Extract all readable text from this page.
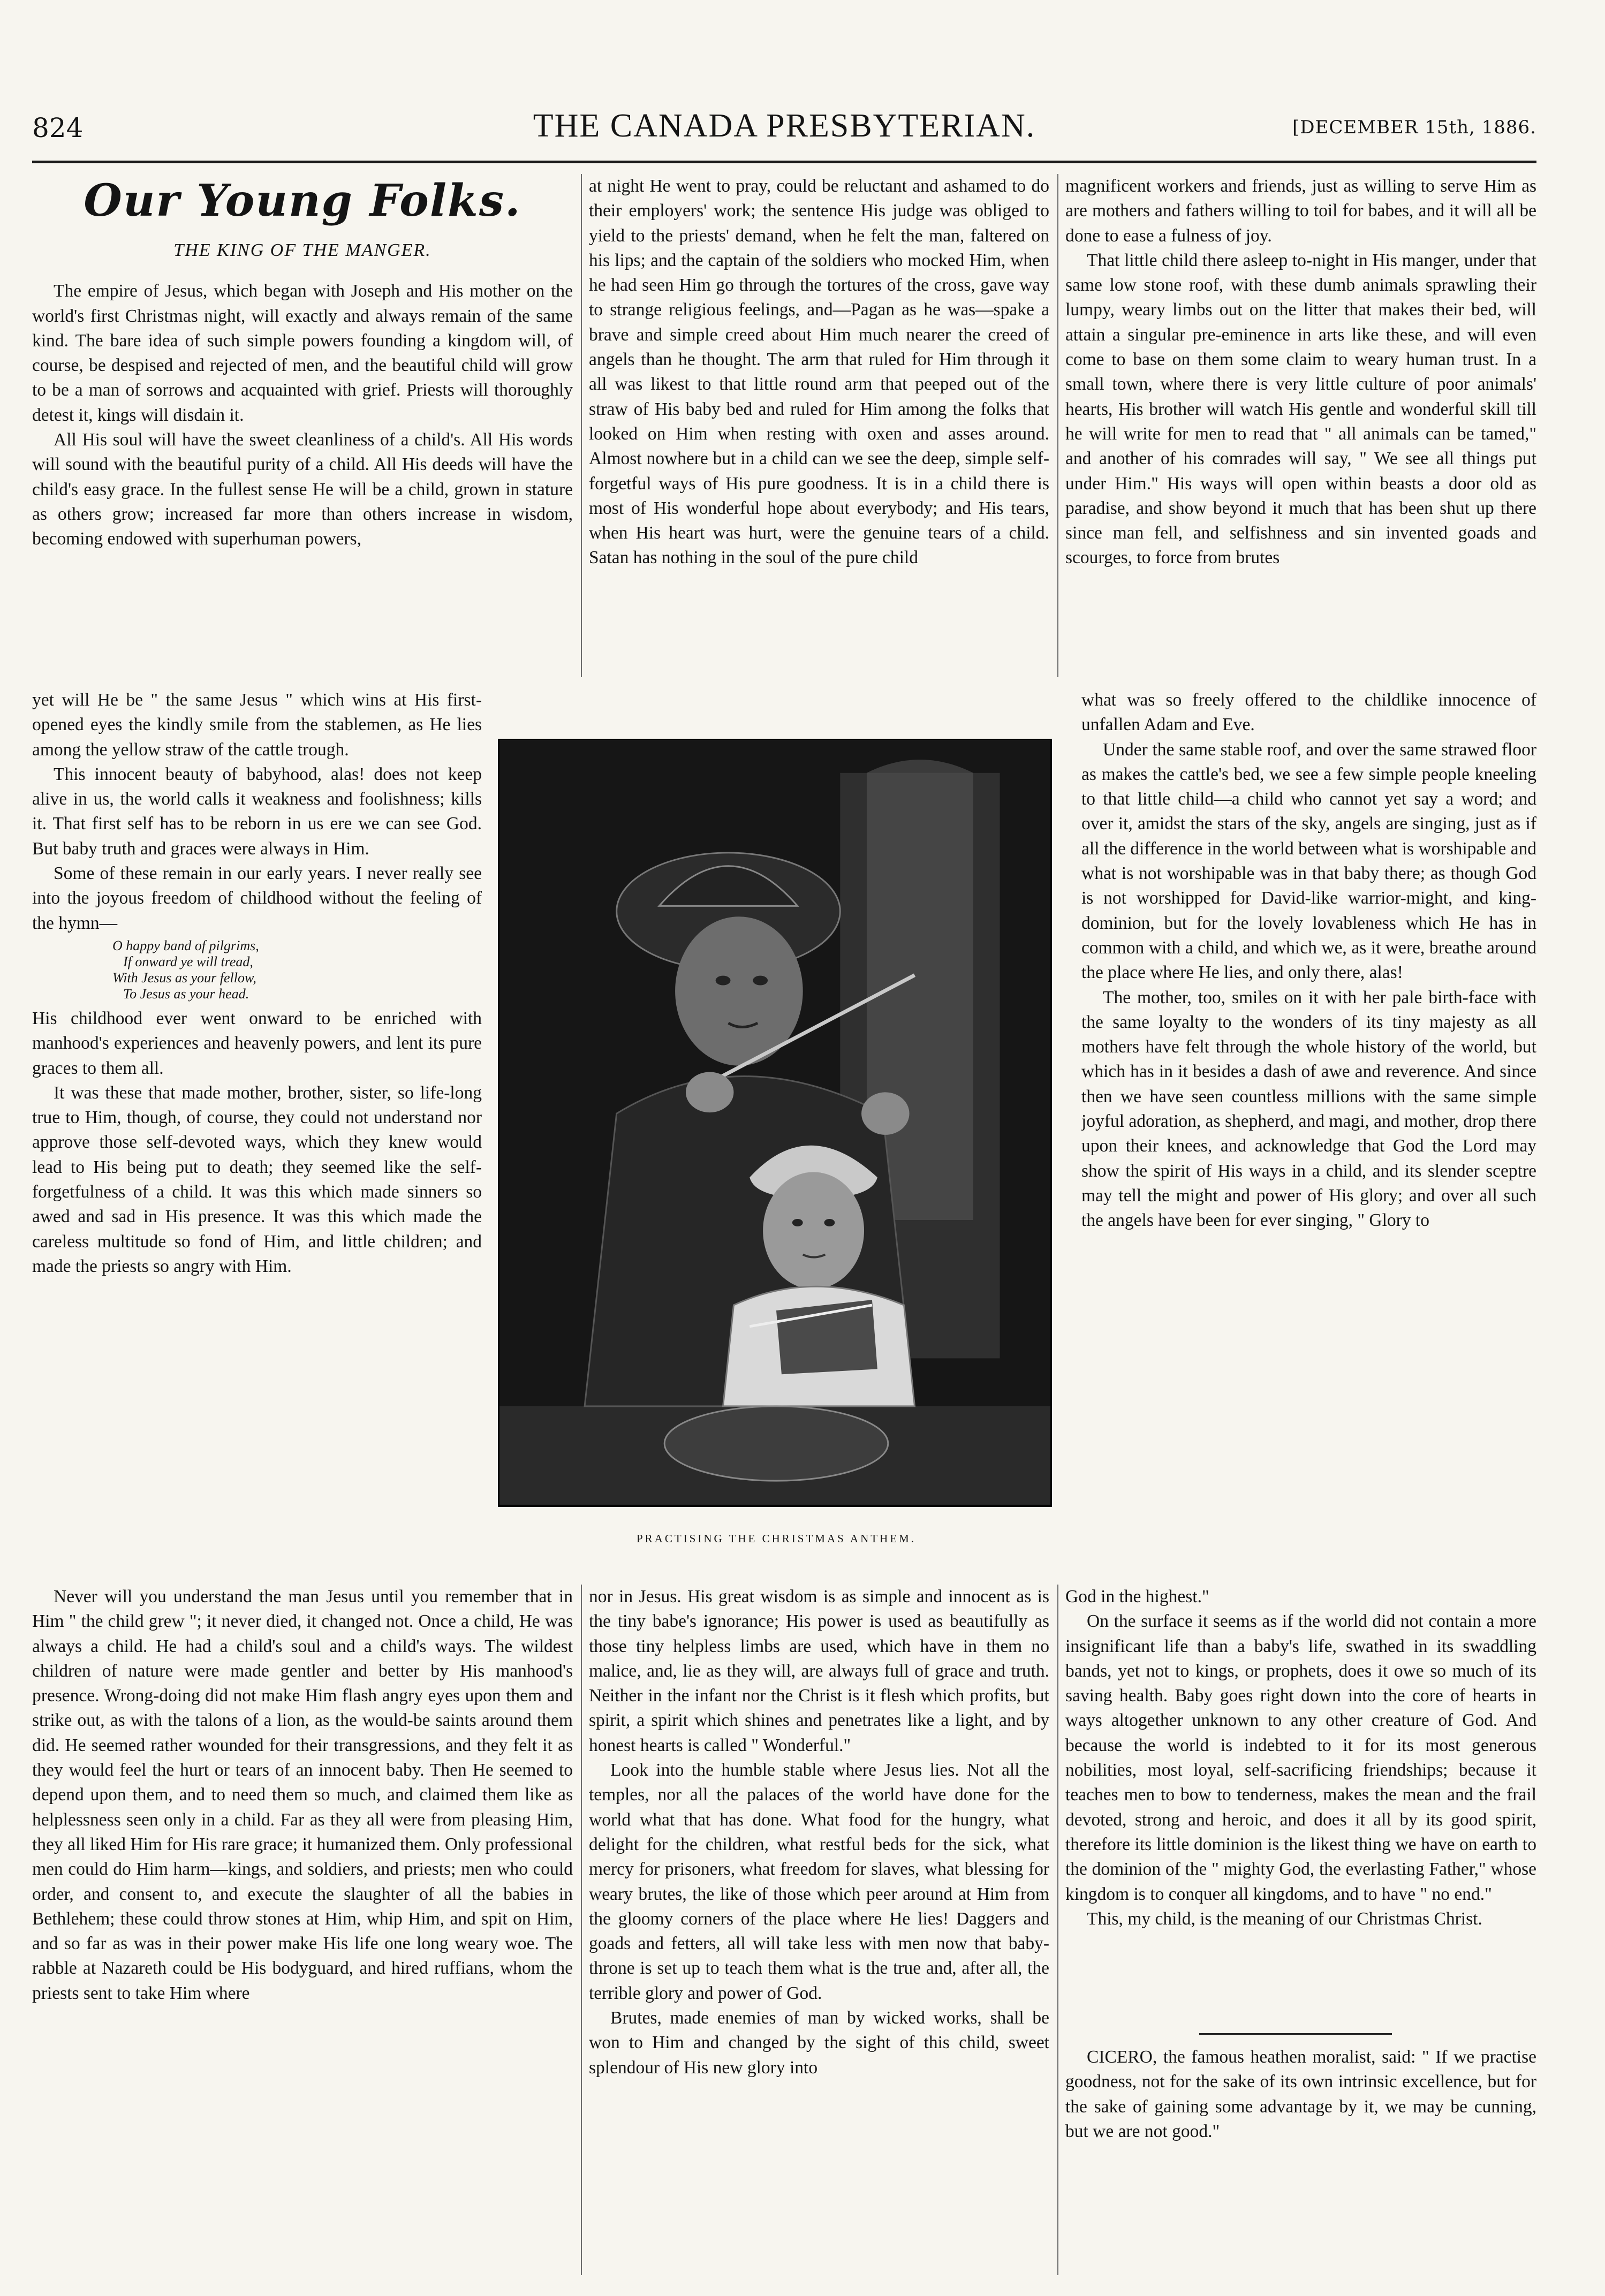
824	THE CANADA PRESBYTERIAN.	[DECEMBER 15th, 1886.
Our Young Folks.
THE KING OF THE MANGER.

The empire of Jesus, which began with Joseph and His mother on the world's first Christmas night, will exactly and always remain of the same kind. The bare idea of such simple powers founding a kingdom will, of course, be despised and rejected of men, and the beautiful child will grow to be a man of sorrows and acquainted with grief. Priests will thoroughly detest it, kings will disdain it.

All His soul will have the sweet cleanliness of a child's. All His words will sound with the beautiful purity of a child. All His deeds will have the child's easy grace. In the fullest sense He will be a child, grown in stature as others grow; increased far more than others increase in wisdom, becoming endowed with superhuman powers,

yet will He be " the same Jesus " which wins at His first-opened eyes the kindly smile from the stablemen, as He lies among the yellow straw of the cattle trough.

This innocent beauty of babyhood, alas! does not keep alive in us, the world calls it weakness and foolishness; kills it. That first self has to be reborn in us ere we can see God. But baby truth and graces were always in Him.

Some of these remain in our early years. I never really see into the joyous freedom of childhood without the feeling of the hymn—

O happy band of pilgrims,
If onward ye will tread,
With Jesus as your fellow,
To Jesus as your head.

His childhood ever went onward to be enriched with manhood's experiences and heavenly powers, and lent its pure graces to them all.

It was these that made mother, brother, sister, so life-long true to Him, though, of course, they could not understand nor approve those self-devoted ways, which they knew would lead to His being put to death; they seemed like the self-forgetfulness of a child. It was this which made sinners so awed and sad in His presence. It was this which made the careless multitude so fond of Him, and little children; and made the priests so angry with Him.

Never will you understand the man Jesus until you remember that in Him " the child grew "; it never died, it changed not. Once a child, He was always a child. He had a child's soul and a child's ways. The wildest children of nature were made gentler and better by His manhood's presence. Wrong-doing did not make Him flash angry eyes upon them and strike out, as with the talons of a lion, as the would-be saints around them did. He seemed rather wounded for their transgressions, and they felt it as they would feel the hurt or tears of an innocent baby. Then He seemed to depend upon them, and to need them so much, and claimed them like as helplessness seen only in a child. Far as they all were from pleasing Him, they all liked Him for His rare grace; it humanized them. Only professional men could do Him harm—kings, and soldiers, and priests; men who could order, and consent to, and execute the slaughter of all the babies in Bethlehem; these could throw stones at Him, whip Him, and spit on Him, and so far as was in their power make His life one long weary woe. The rabble at Nazareth could be His bodyguard, and hired ruffians, whom the priests sent to take Him where

at night He went to pray, could be reluctant and ashamed to do their employers' work; the sentence His judge was obliged to yield to the priests' demand, when he felt the man, faltered on his lips; and the captain of the soldiers who mocked Him, when he had seen Him go through the tortures of the cross, gave way to strange religious feelings, and—Pagan as he was—spake a brave and simple creed about Him much nearer the creed of angels than he thought. The arm that ruled for Him through it all was likest to that little round arm that peeped out of the straw of His baby bed and ruled for Him among the folks that looked on Him when resting with oxen and asses around. Almost nowhere but in a child can we see the deep, simple self-forgetful ways of His pure goodness. It is in a child there is most of His wonderful hope about everybody; and His tears, when His heart was hurt, were the genuine tears of a child. Satan has nothing in the soul of the pure child

nor in Jesus. His great wisdom is as simple and innocent as is the tiny babe's ignorance; His power is used as beautifully as those tiny helpless limbs are used, which have in them no malice, and, lie as they will, are always full of grace and truth. Neither in the infant nor the Christ is it flesh which profits, but spirit, a spirit which shines and penetrates like a light, and by honest hearts is called " Wonderful."

Look into the humble stable where Jesus lies. Not all the temples, nor all the palaces of the world have done for the world what that has done. What food for the hungry, what delight for the children, what restful beds for the sick, what mercy for prisoners, what freedom for slaves, what blessing for weary brutes, the like of those which peer around at Him from the gloomy corners of the place where He lies! Daggers and goads and fetters, all will take less with men now that baby-throne is set up to teach them what is the true and, after all, the terrible glory and power of God.

Brutes, made enemies of man by wicked works, shall be won to Him and changed by the sight of this child, sweet splendour of His new glory into

magnificent workers and friends, just as willing to serve Him as are mothers and fathers willing to toil for babes, and it will all be done to ease a fulness of joy.

That little child there asleep to-night in His manger, under that same low stone roof, with these dumb animals sprawling their lumpy, weary limbs out on the litter that makes their bed, will attain a singular pre-eminence in arts like these, and will even come to base on them some claim to weary human trust. In a small town, where there is very little culture of poor animals' hearts, His brother will watch His gentle and wonderful skill till he will write for men to read that " all animals can be tamed," and another of his comrades will say, " We see all things put under Him." His ways will open within beasts a door old as paradise, and show beyond it much that has been shut up there since man fell, and selfishness and sin invented goads and scourges, to force from brutes

what was so freely offered to the childlike innocence of unfallen Adam and Eve.

Under the same stable roof, and over the same strawed floor as makes the cattle's bed, we see a few simple people kneeling to that little child—a child who cannot yet say a word; and over it, amidst the stars of the sky, angels are singing, just as if all the difference in the world between what is worshipable and what is not worshipable was in that baby there; as though God is not worshipped for David-like warrior-might, and king-dominion, but for the lovely lovableness which He has in common with a child, and which we, as it were, breathe around the place where He lies, and only there, alas!

The mother, too, smiles on it with her pale birth-face with the same loyalty to the wonders of its tiny majesty as all mothers have felt through the whole history of the world, but which has in it besides a dash of awe and reverence. And since then we have seen countless millions with the same simple joyful adoration, as shepherd, and magi, and mother, drop there upon their knees, and acknowledge that God the Lord may show the spirit of His ways in a child, and its slender sceptre may tell the might and power of His glory; and over all such the angels have been for ever singing, " Glory to

God in the highest."

On the surface it seems as if the world did not contain a more insignificant life than a baby's life, swathed in its swaddling bands, yet not to kings, or prophets, does it owe so much of its saving health. Baby goes right down into the core of hearts in ways altogether unknown to any other creature of God. And because the world is indebted to it for its most generous nobilities, most loyal, self-sacrificing friendships; because it teaches men to bow to tenderness, makes the mean and the frail devoted, strong and heroic, and does it all by its good spirit, therefore its little dominion is the likest thing we have on earth to the dominion of the " mighty God, the everlasting Father," whose kingdom is to conquer all kingdoms, and to have " no end."

This, my child, is the meaning of our Christmas Christ.

CICERO, the famous heathen moralist, said: " If we practise goodness, not for the sake of its own intrinsic excellence, but for the sake of gaining some advantage by it, we may be cunning, but we are not good."

PRACTISING THE CHRISTMAS ANTHEM.
